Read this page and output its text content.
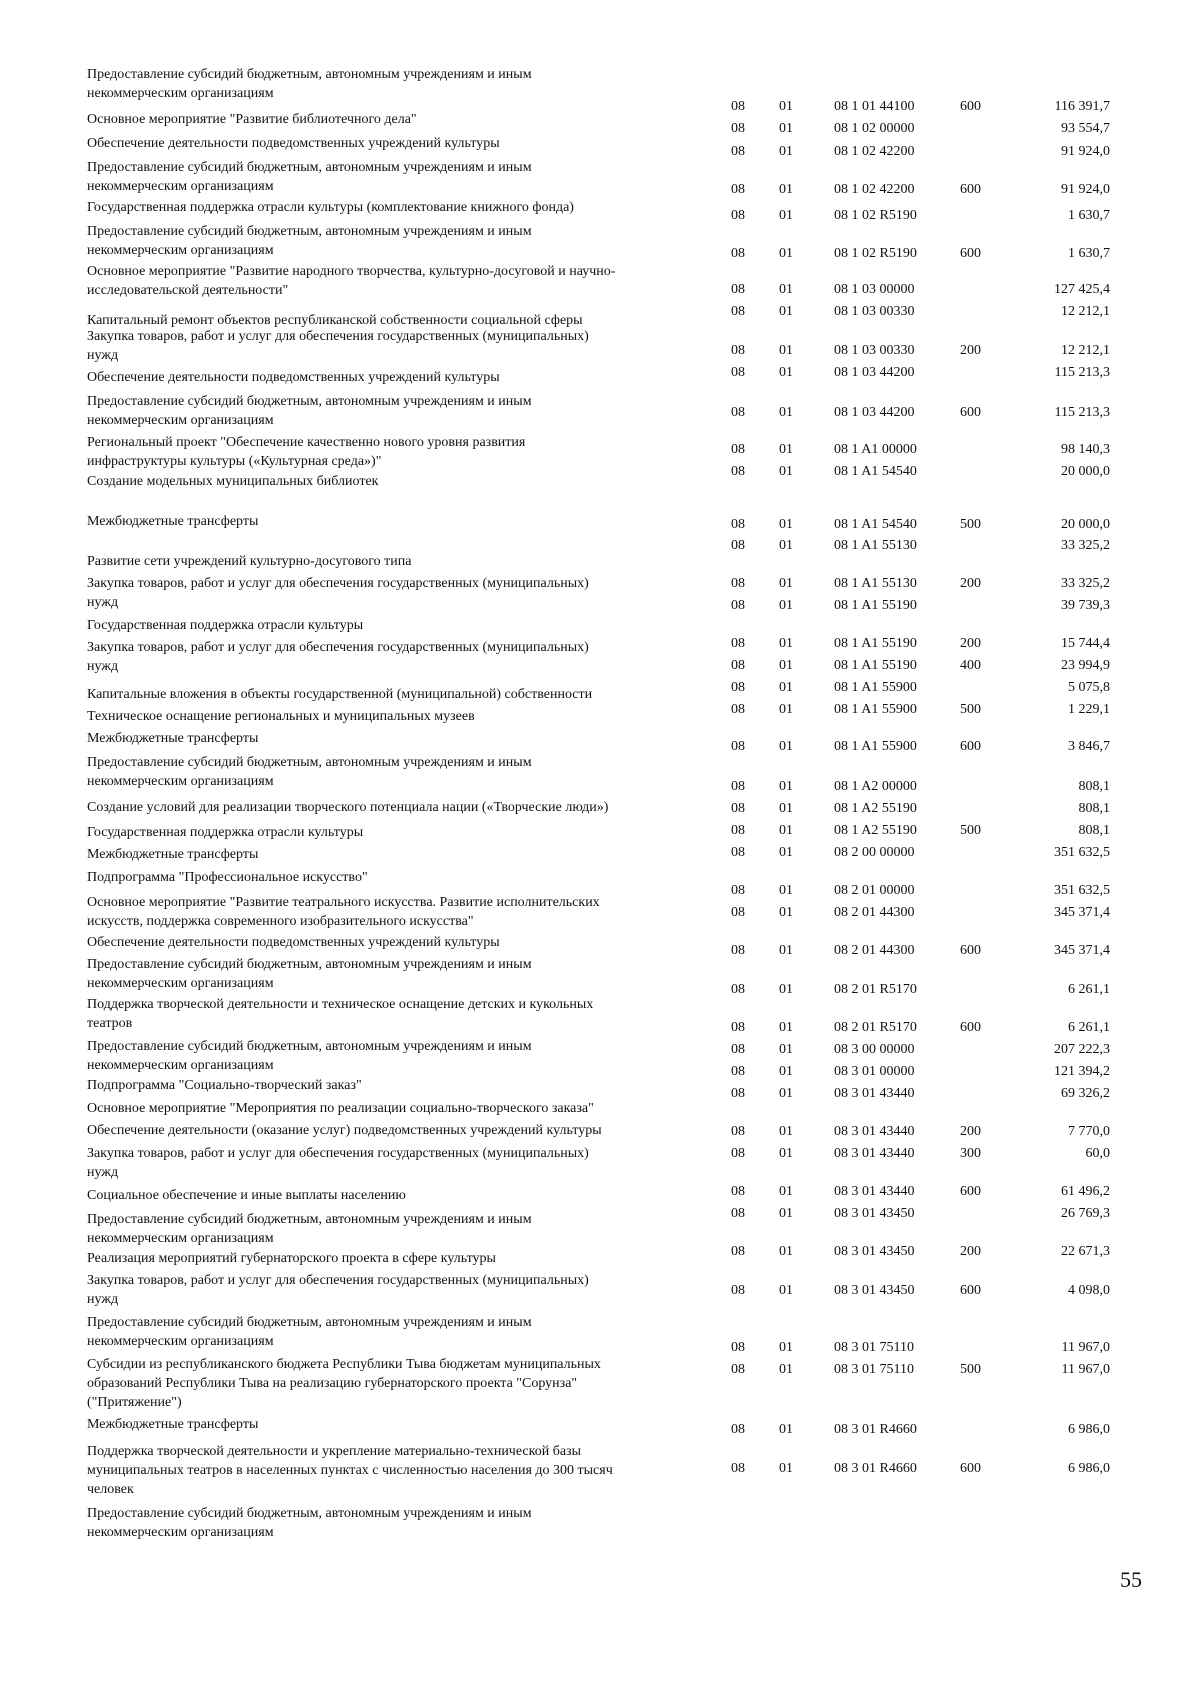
Предоставление субсидий бюджетным, автономным учреждениям и иным
некоммерческим организациям
08	01	08 1 01 44100	600	116 391,7
Основное мероприятие "Развитие библиотечного дела"
08	01	08 1 02 00000	93 554,7
Обеспечение деятельности подведомственных учреждений культуры
08	01	08 1 02 42200	91 924,0
Предоставление субсидий бюджетным, автономным учреждениям и иным
некоммерческим организациям	08	01	08 1 02 42200	600	91 924,0
Государственная поддержка отрасли культуры (комплектование книжного фонда)
08	01	08 1 02 R5190	1 630,7
Предоставление субсидий бюджетным, автономным учреждениям и иным
некоммерческим организациям	08	01	08 1 02 R5190	600	1 630,7
Основное мероприятие "Развитие народного творчества, культурно-досуговой и научно-
исследовательской деятельности"	08	01	08 1 03 00000	127 425,4
Капитальный ремонт объектов республиканской собственности социальной сферы
08	01	08 1 03 00330	12 212,1
Закупка товаров, работ и услуг для обеспечения государственных (муниципальных)
нужд	08	01	08 1 03 00330	200	12 212,1
Обеспечение деятельности подведомственных учреждений культуры	08	01	08 1 03 44200	115 213,3
Предоставление субсидий бюджетным, автономным учреждениям и иным
некоммерческим организациям
08	01	08 1 03 44200	600	115 213,3
Региональный проект "Обеспечение качественно нового уровня развития
инфраструктуры культуры («Культурная среда»)"
08	01	08 1 A1 00000	98 140,3
Создание модельных муниципальных библиотек
08	01	08 1 A1 54540	20 000,0
Межбюджетные трансферты	08	01	08 1 A1 54540	500	20 000,0
Развитие сети учреждений культурно-досугового типа
08	01	08 1 A1 55130	33 325,2
Закупка товаров, работ и услуг для обеспечения государственных (муниципальных)
нужд
08	01	08 1 A1 55130	200	33 325,2
Государственная поддержка отрасли культуры
08	01	08 1 A1 55190	39 739,3
Закупка товаров, работ и услуг для обеспечения государственных (муниципальных)
нужд
08	01	08 1 A1 55190	200	15 744,4
Капитальные вложения в объекты государственной (муниципальной) собственности
08	01	08 1 A1 55190	400	23 994,9
Техническое оснащение региональных и муниципальных музеев
08	01	08 1 A1 55900	5 075,8
Межбюджетные трансферты
08	01	08 1 A1 55900	500	1 229,1
Предоставление субсидий бюджетным, автономным учреждениям и иным
некоммерческим организациям
08	01	08 1 A1 55900	600	3 846,7
Создание условий для реализации творческого потенциала нации («Творческие люди»)
08	01	08 1 A2 00000	808,1
Государственная поддержка отрасли культуры
08	01	08 1 A2 55190	808,1
Межбюджетные трансферты
08	01	08 1 A2 55190	500	808,1
Подпрограмма "Профессиональное искусство"
08	01	08 2 00 00000	351 632,5
Основное мероприятие "Развитие театрального искусства. Развитие исполнительских
искусств, поддержка современного изобразительного искусства"
08	01	08 2 01 00000	351 632,5
Обеспечение деятельности подведомственных учреждений культуры
08	01	08 2 01 44300	345 371,4
Предоставление субсидий бюджетным, автономным учреждениям и иным
некоммерческим организациям
08	01	08 2 01 44300	600	345 371,4
Поддержка творческой деятельности и техническое оснащение детских и кукольных
театров
08	01	08 2 01 R5170	6 261,1
Предоставление субсидий бюджетным, автономным учреждениям и иным
некоммерческим организациям
08	01	08 2 01 R5170	600	6 261,1
Подпрограмма "Социально-творческий заказ"
08	01	08 3 00 00000	207 222,3
Основное мероприятие "Мероприятия по реализации социально-творческого заказа"
08	01	08 3 01 00000	121 394,2
Обеспечение деятельности (оказание услуг) подведомственных учреждений культуры
08	01	08 3 01 43440	69 326,2
Закупка товаров, работ и услуг для обеспечения государственных (муниципальных)
нужд
08	01	08 3 01 43440	200	7 770,0
Социальное обеспечение и иные выплаты населению
08	01	08 3 01 43440	300	60,0
Предоставление субсидий бюджетным, автономным учреждениям и иным
некоммерческим организациям
08	01	08 3 01 43440	600	61 496,2
Реализация мероприятий губернаторского проекта в сфере культуры
08	01	08 3 01 43450	26 769,3
Закупка товаров, работ и услуг для обеспечения государственных (муниципальных)
нужд
08	01	08 3 01 43450	200	22 671,3
Предоставление субсидий бюджетным, автономным учреждениям и иным
некоммерческим организациям
08	01	08 3 01 43450	600	4 098,0
Субсидии из республиканского бюджета Республики Тыва бюджетам муниципальных
образований Республики Тыва на реализацию губернаторского проекта "Сорунза"
("Притяжение")
08	01	08 3 01 75110	11 967,0
Межбюджетные трансферты
08	01	08 3 01 75110	500	11 967,0
Поддержка творческой деятельности и укрепление материально-технической базы
муниципальных театров в населенных пунктах с численностью населения до 300 тысяч
человек
08	01	08 3 01 R4660	6 986,0
Предоставление субсидий бюджетным, автономным учреждениям и иным
некоммерческим организациям
08	01	08 3 01 R4660	600	6 986,0
55
